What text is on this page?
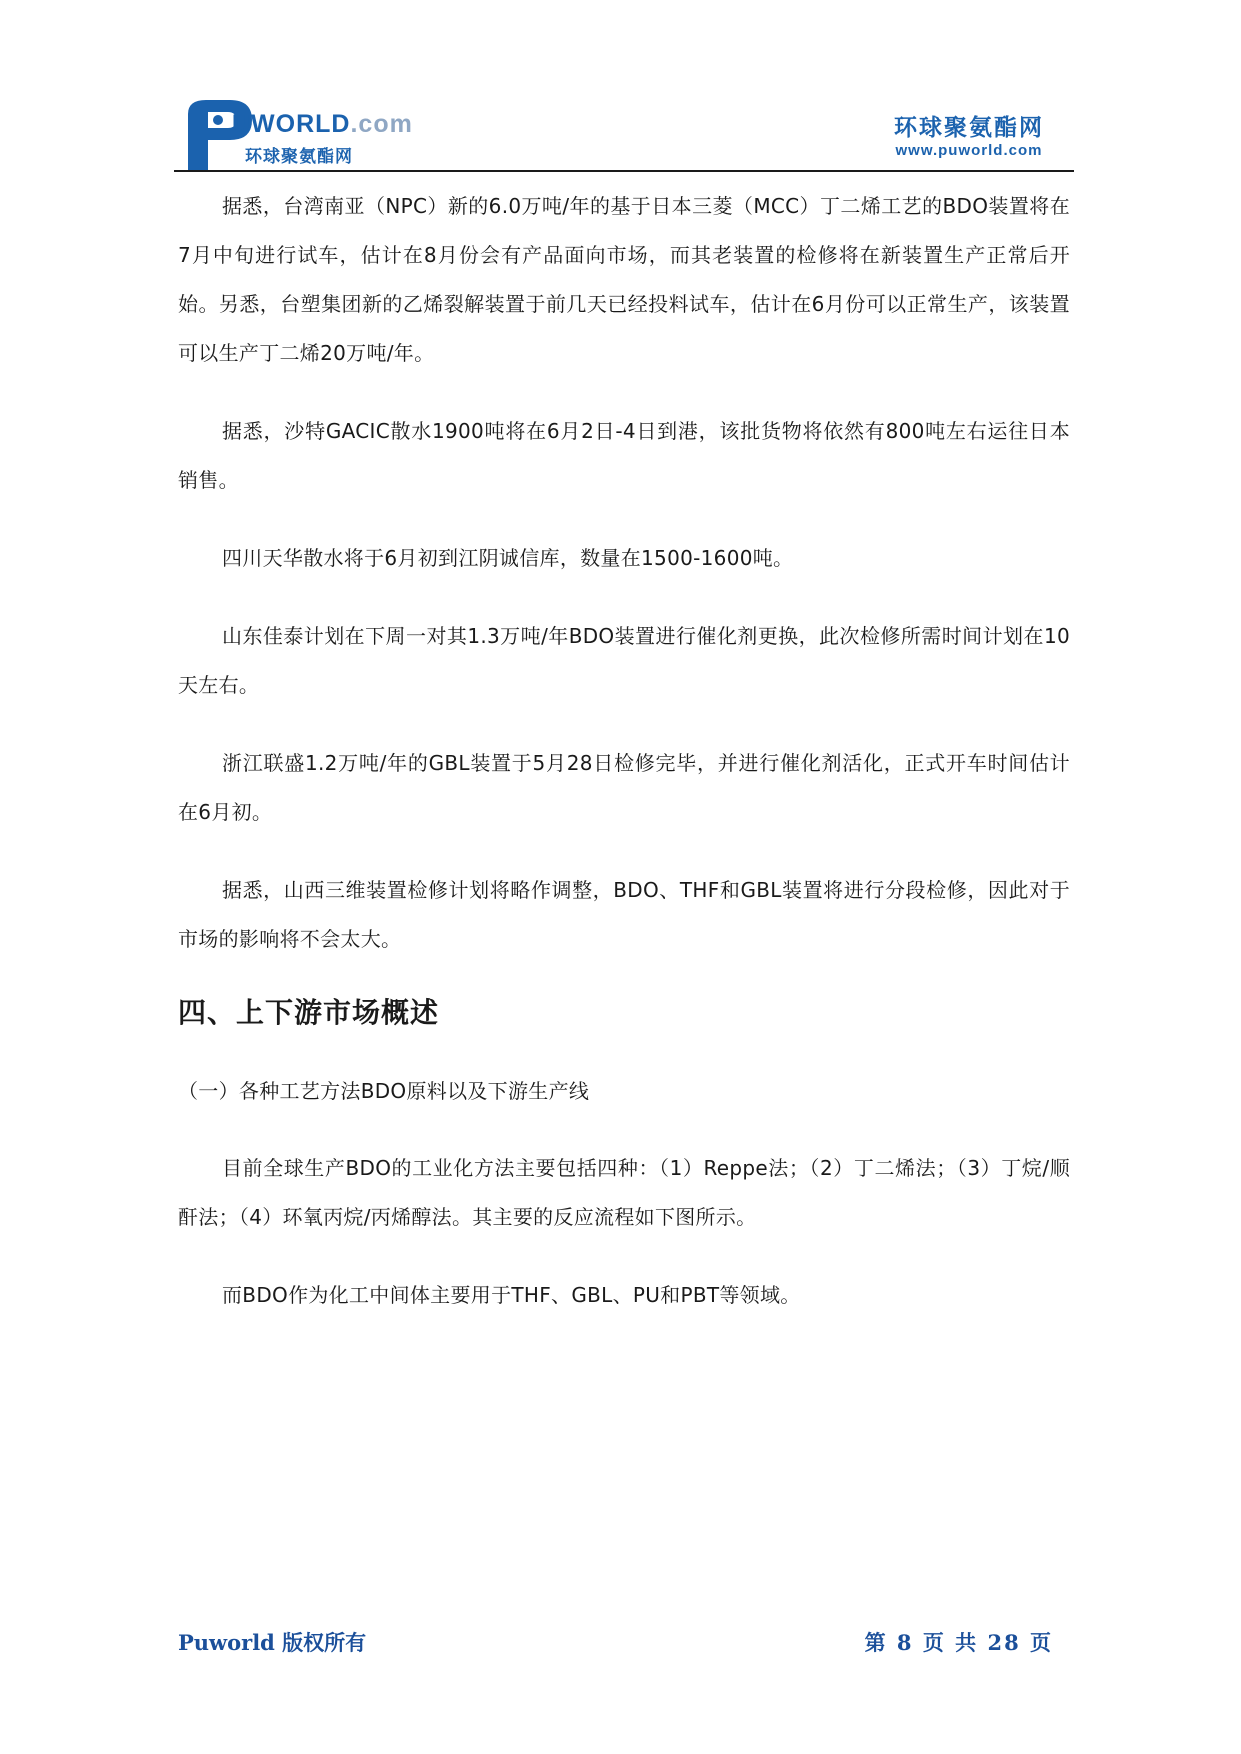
UWORLD.com
环球聚氨酯网
环球聚氨酯网
www.puworld.com

据悉，台湾南亚（NPC）新的6.0万吨/年的基于日本三菱（MCC）丁二烯工艺的BDO装置将在7月中旬进行试车，估计在8月份会有产品面向市场，而其老装置的检修将在新装置生产正常后开始。另悉，台塑集团新的乙烯裂解装置于前几天已经投料试车，估计在6月份可以正常生产，该装置可以生产丁二烯20万吨/年。

据悉，沙特GACIC散水1900吨将在6月2日-4日到港，该批货物将依然有800吨左右运往日本销售。

四川天华散水将于6月初到江阴诚信库，数量在1500-1600吨。

山东佳泰计划在下周一对其1.3万吨/年BDO装置进行催化剂更换，此次检修所需时间计划在10天左右。

浙江联盛1.2万吨/年的GBL装置于5月28日检修完毕，并进行催化剂活化，正式开车时间估计在6月初。

据悉，山西三维装置检修计划将略作调整，BDO、THF和GBL装置将进行分段检修，因此对于市场的影响将不会太大。

四、上下游市场概述
（一）各种工艺方法BDO原料以及下游生产线

目前全球生产BDO的工业化方法主要包括四种：（1）Reppe法；（2）丁二烯法；（3）丁烷/顺酐法；（4）环氧丙烷/丙烯醇法。其主要的反应流程如下图所示。

而BDO作为化工中间体主要用于THF、GBL、PU和PBT等领域。

Puworld 版权所有	第 8 页 共 28 页
